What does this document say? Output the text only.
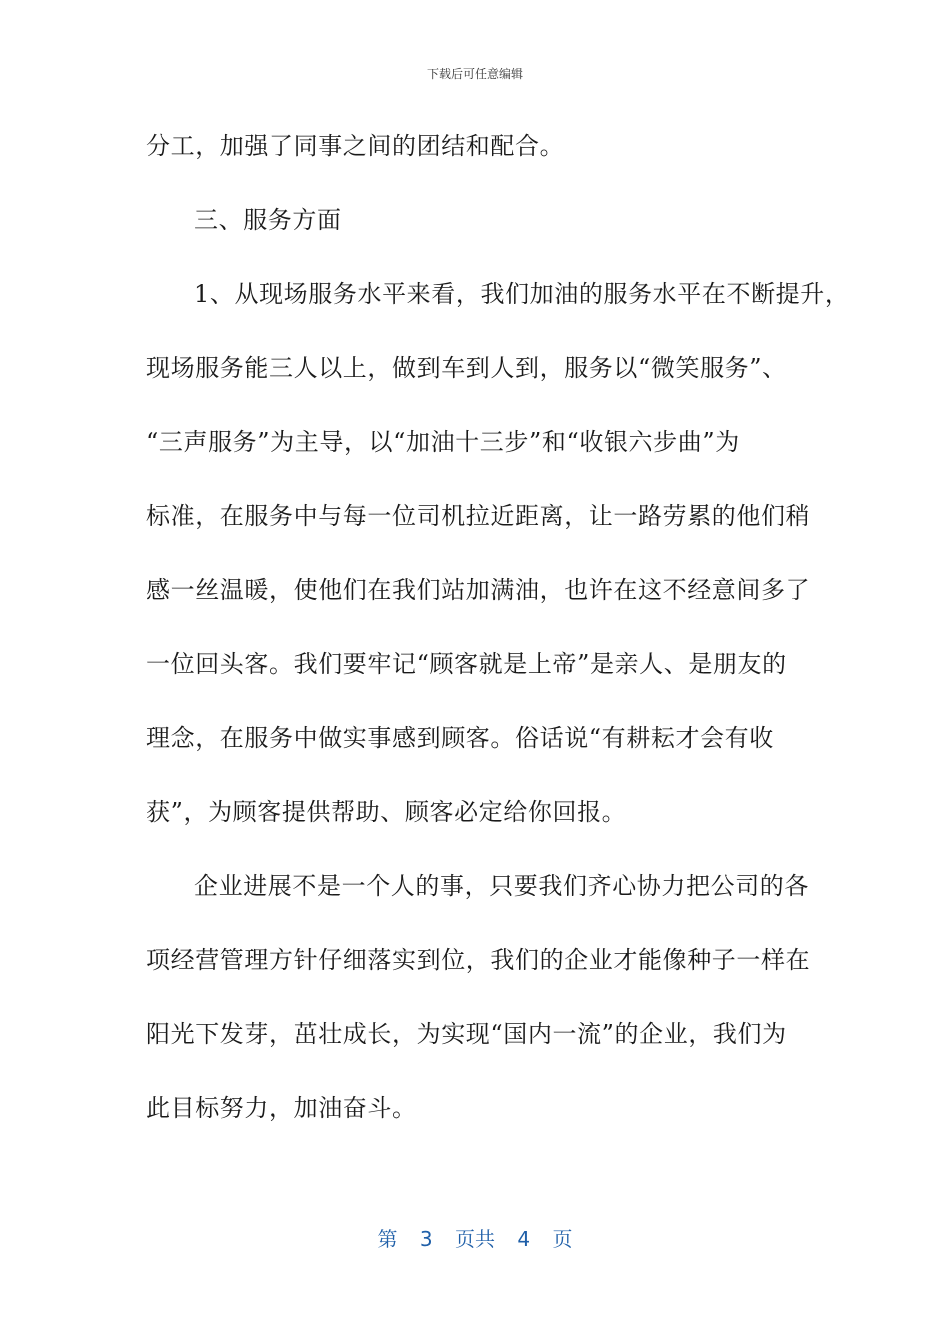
下载后可任意编辑
分工，加强了同事之间的团结和配合。
三、服务方面
1、从现场服务水平来看，我们加油的服务水平在不断提升，
现场服务能三人以上，做到车到人到，服务以“微笑服务”、
“三声服务”为主导，以“加油十三步”和“收银六步曲”为
标准，在服务中与每一位司机拉近距离，让一路劳累的他们稍
感一丝温暖，使他们在我们站加满油，也许在这不经意间多了
一位回头客。我们要牢记“顾客就是上帝”是亲人、是朋友的
理念，在服务中做实事感到顾客。俗话说“有耕耘才会有收
获”，为顾客提供帮助、顾客必定给你回报。
企业进展不是一个人的事，只要我们齐心协力把公司的各
项经营管理方针仔细落实到位，我们的企业才能像种子一样在
阳光下发芽，茁壮成长，为实现“国内一流”的企业，我们为
此目标努力，加油奋斗。
第 3 页共 4 页
